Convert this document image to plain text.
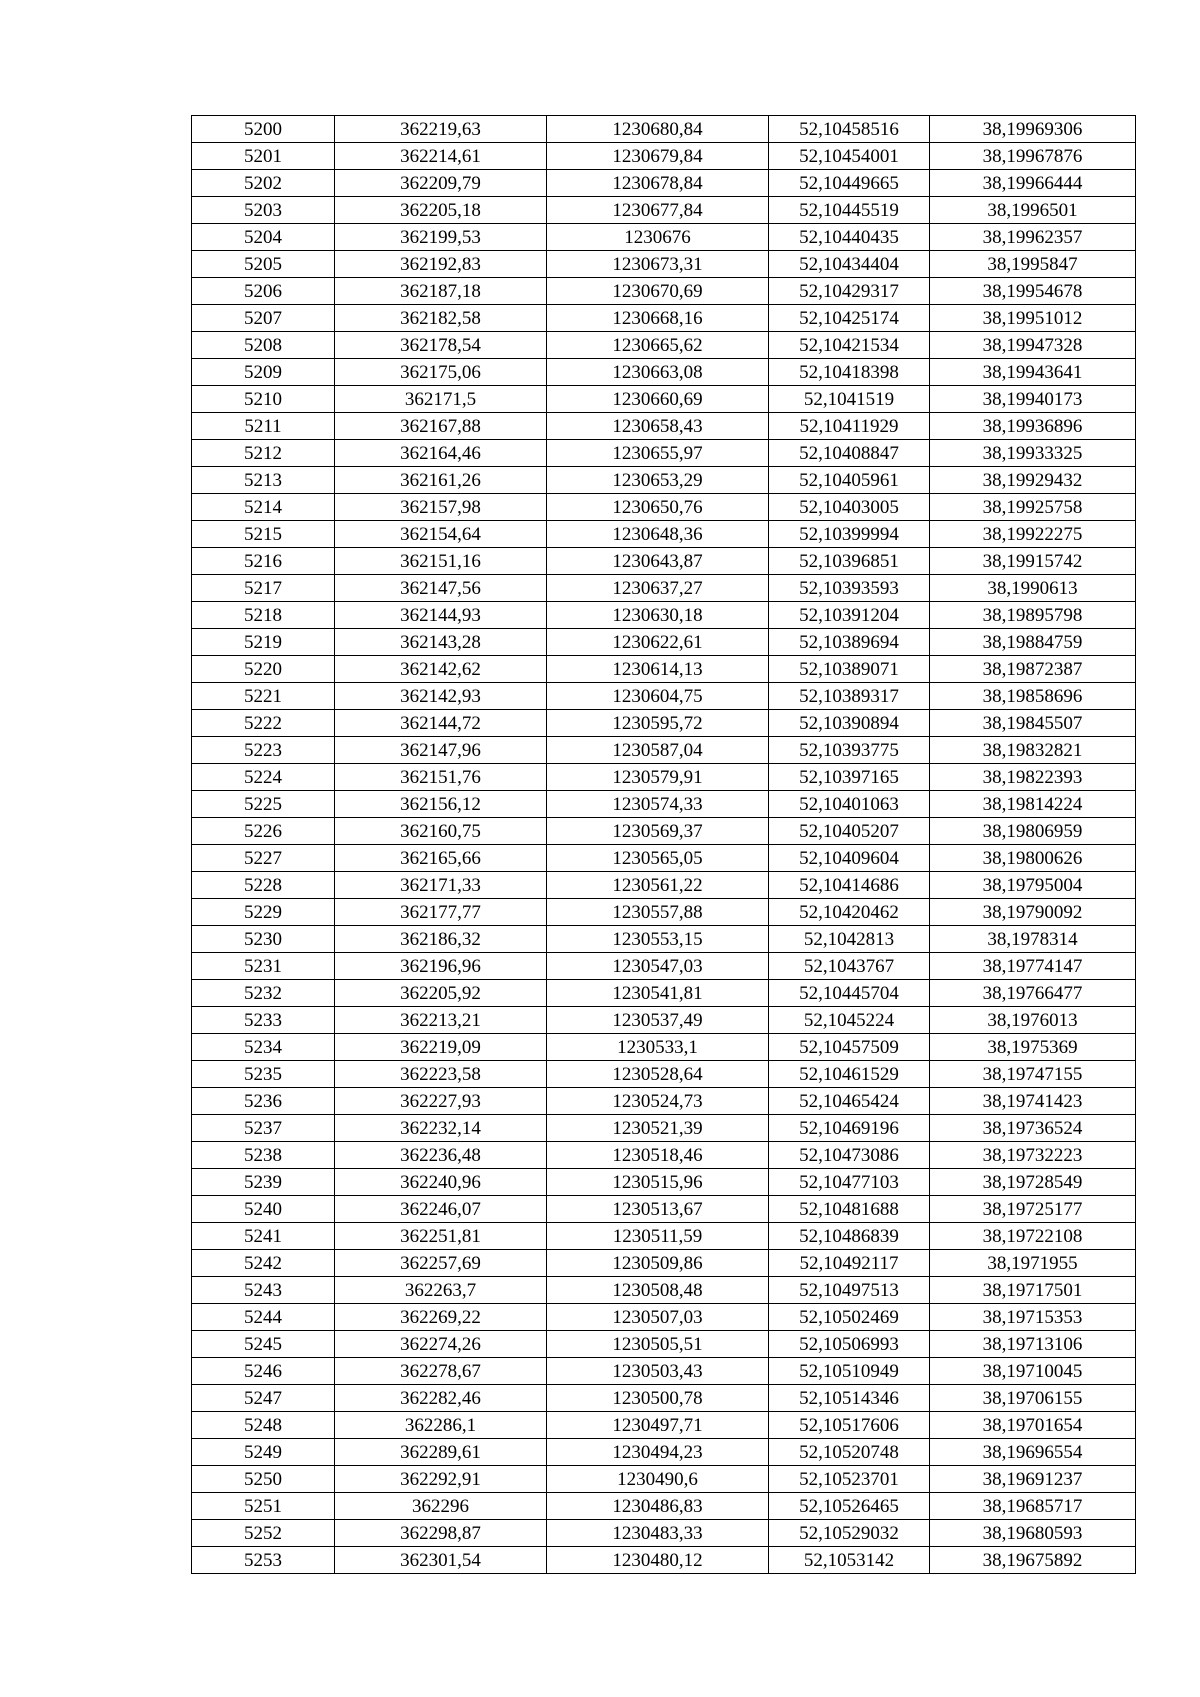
5200	362219,63	1230680,84	52,10458516	38,19969306
5201	362214,61	1230679,84	52,10454001	38,19967876
5202	362209,79	1230678,84	52,10449665	38,19966444
5203	362205,18	1230677,84	52,10445519	38,1996501
5204	362199,53	1230676	52,10440435	38,19962357
5205	362192,83	1230673,31	52,10434404	38,1995847
5206	362187,18	1230670,69	52,10429317	38,19954678
5207	362182,58	1230668,16	52,10425174	38,19951012
5208	362178,54	1230665,62	52,10421534	38,19947328
5209	362175,06	1230663,08	52,10418398	38,19943641
5210	362171,5	1230660,69	52,1041519	38,19940173
5211	362167,88	1230658,43	52,10411929	38,19936896
5212	362164,46	1230655,97	52,10408847	38,19933325
5213	362161,26	1230653,29	52,10405961	38,19929432
5214	362157,98	1230650,76	52,10403005	38,19925758
5215	362154,64	1230648,36	52,10399994	38,19922275
5216	362151,16	1230643,87	52,10396851	38,19915742
5217	362147,56	1230637,27	52,10393593	38,1990613
5218	362144,93	1230630,18	52,10391204	38,19895798
5219	362143,28	1230622,61	52,10389694	38,19884759
5220	362142,62	1230614,13	52,10389071	38,19872387
5221	362142,93	1230604,75	52,10389317	38,19858696
5222	362144,72	1230595,72	52,10390894	38,19845507
5223	362147,96	1230587,04	52,10393775	38,19832821
5224	362151,76	1230579,91	52,10397165	38,19822393
5225	362156,12	1230574,33	52,10401063	38,19814224
5226	362160,75	1230569,37	52,10405207	38,19806959
5227	362165,66	1230565,05	52,10409604	38,19800626
5228	362171,33	1230561,22	52,10414686	38,19795004
5229	362177,77	1230557,88	52,10420462	38,19790092
5230	362186,32	1230553,15	52,1042813	38,1978314
5231	362196,96	1230547,03	52,1043767	38,19774147
5232	362205,92	1230541,81	52,10445704	38,19766477
5233	362213,21	1230537,49	52,1045224	38,1976013
5234	362219,09	1230533,1	52,10457509	38,1975369
5235	362223,58	1230528,64	52,10461529	38,19747155
5236	362227,93	1230524,73	52,10465424	38,19741423
5237	362232,14	1230521,39	52,10469196	38,19736524
5238	362236,48	1230518,46	52,10473086	38,19732223
5239	362240,96	1230515,96	52,10477103	38,19728549
5240	362246,07	1230513,67	52,10481688	38,19725177
5241	362251,81	1230511,59	52,10486839	38,19722108
5242	362257,69	1230509,86	52,10492117	38,1971955
5243	362263,7	1230508,48	52,10497513	38,19717501
5244	362269,22	1230507,03	52,10502469	38,19715353
5245	362274,26	1230505,51	52,10506993	38,19713106
5246	362278,67	1230503,43	52,10510949	38,19710045
5247	362282,46	1230500,78	52,10514346	38,19706155
5248	362286,1	1230497,71	52,10517606	38,19701654
5249	362289,61	1230494,23	52,10520748	38,19696554
5250	362292,91	1230490,6	52,10523701	38,19691237
5251	362296	1230486,83	52,10526465	38,19685717
5252	362298,87	1230483,33	52,10529032	38,19680593
5253	362301,54	1230480,12	52,1053142	38,19675892
